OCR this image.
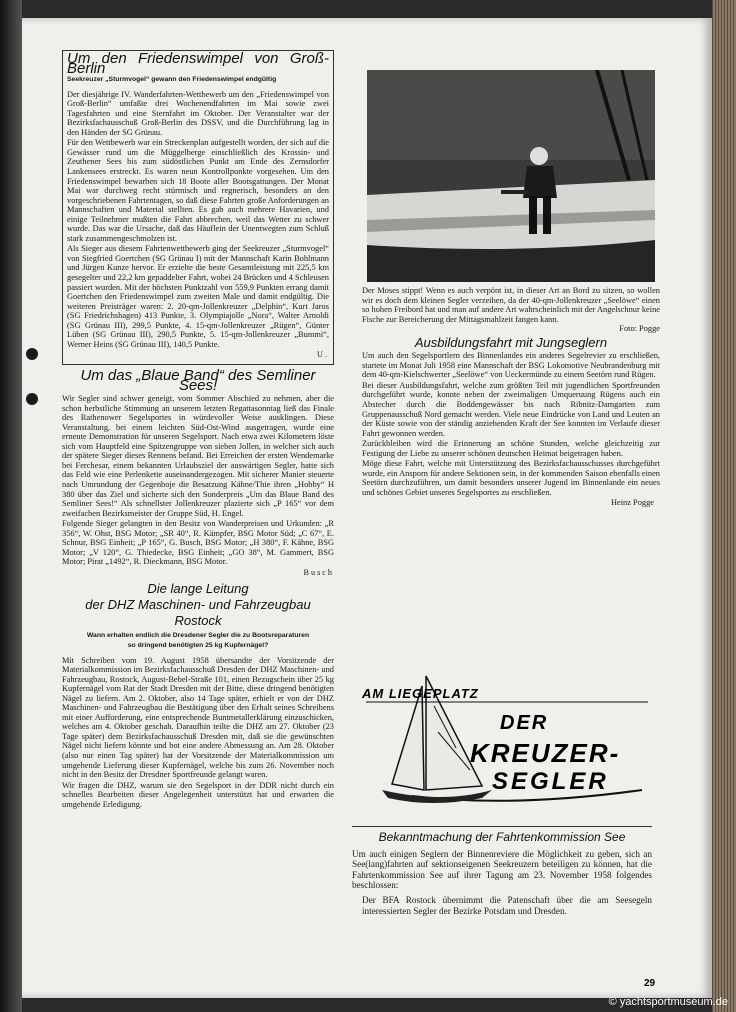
Um den Friedenswimpel von Groß-Berlin
Seekreuzer „Sturmvogel“ gewann den Friedenswimpel endgültig

Der diesjährige IV. Wanderfahrten-Wettbewerb um den „Friedenswimpel von Groß-Berlin“ umfaßte drei Wochenendfahrten im Mai sowie zwei Tagesfahrten und eine Sternfahrt im Oktober. Der Veranstalter war der Bezirksfachausschuß Groß-Berlin des DSSV, und die Durchführung lag in den Händen der SG Grünau.

Für den Wettbewerb war ein Streckenplan aufgestellt worden, der sich auf die Gewässer rund um die Müggelberge einschließlich des Krossin- und Zeuthener Sees bis zum südöstlichen Punkt am Ende des Zernsdorfer Lankensees erstreckt. Es waren neun Kontrollpunkte vorgesehen. Um den Friedenswimpel bewarben sich 18 Boote aller Bootsgattungen. Der Monat Mai war durchweg recht stürmisch und regnerisch, besonders an den vorgeschriebenen Fahrtentagen, so daß diese Fahrten große Anforderungen an Mannschaften und Material stellten. Es gab auch mehrere Havarien, und einige Teilnehmer mußten die Fahrt abbrechen, weil das Wetter zu schwer wurde. Das war die Ursache, daß das Häuflein der Unentwegten zum Schluß stark zusammengeschmolzen ist.

Als Sieger aus diesem Fahrtenwettbewerb ging der Seekreuzer „Sturmvogel“ von Siegfried Goertchen (SG Grünau I) mit der Mannschaft Karin Bohlmann und Jürgen Kunze hervor. Er erzielte die beste Gesamtleistung mit 225,5 km gesegelter und 22,2 km gepaddelter Fahrt, wobei 24 Brücken und 4 Schleusen passiert wurden. Mit der höchsten Punktzahl von 559,9 Punkten errang damit Goertchen den Friedenswimpel zum zweiten Male und damit endgültig. Die weiteren Preisträger waren: 2. 20-qm-Jollenkreuzer „Delphin“, Kurt Jaros (SG Friedrichshagen) 413 Punkte, 3. Olympiajolle „Nora“, Walter Arnoldi (SG Grünau III), 299,5 Punkte, 4. 15-qm-Jollenkreuzer „Rügen“, Günter Lüben (SG Grünau III), 290,5 Punkte, 5. 15-qm-Jollenkreuzer „Bummi“, Werner Heins (SG Grünau III), 140,5 Punkte.

U.
Um das „Blaue Band“ des Semliner Sees!

Wir Segler sind schwer geneigt, vom Sommer Abschied zu nehmen, aber die schon herbstliche Stimmung an unserem letzten Regattasonntag ließ das Finale des Rathenower Segelsportes in würdevoller Weise ausklingen. Diese Veranstaltung, bei einem leichten Süd-Ost-Wind ausgetragen, wurde eine erneute Demonstration für unseren Segelsport. Nach etwa zwei Kilometern löste sich vom Hauptfeld eine Spitzengruppe von sieben Jollen, in welcher sich auch der spätere Sieger dieses Rennens befand. Bei Erreichen der ersten Wendemarke bei Ferchesar, einem bekannten Urlaubsziel der auswärtigen Segler, hatte sich das Feld wie eine Perlenkette auseinandergezogen. Mit sicherer Manier steuerte nach Umrundung der Gegenboje die Besatzung Kähne/Thie ihren „Hobby“ H 380 über das Ziel und sicherte sich den Sonderpreis „Um das Blaue Band des Semliner Sees!“ Als schnellster Jollenkreuzer plazierte sich „P 165“ vor dem zweifachen Bezirksmeister der Gruppe Süd, H. Engel.

Folgende Sieger gelangten in den Besitz von Wanderpreisen und Urkunden: „R 356“, W. Ohst, BSG Motor; „SR 40“, R. Kämpfer, BSG Motor Süd; „C 67“, E. Schnur, BSG Einheit; „P 165“, G. Busch, BSG Motor; „H 380“, F. Kähne, BSG Motor; „V 120“, G. Thiedecke, BSG Einheit; „GO 38“, M. Gammert, BSG Motor; Pirat „1492“, R. Dieckmann, BSG Motor.

Busch
Die lange Leitung
der DHZ Maschinen- und Fahrzeugbau Rostock
Wann erhalten endlich die Dresdener Segler die zu Bootsreparaturen so dringend benötigten 25 kg Kupfernägel?

Mit Schreiben vom 19. August 1958 übersandte der Vorsitzende der Materialkommission im Bezirksfachausschuß Dresden der DHZ Maschinen- und Fahrzeugbau, Rostock, August-Bebel-Straße 101, einen Bezugschein über 25 kg Kupfernägel vom Rat der Stadt Dresden mit der Bitte, diese dringend benötigten Nägel zu liefern. Am 2. Oktober, also 14 Tage später, erhielt er von der DHZ Maschinen- und Fahrzeugbau die Bestätigung über den Erhalt seines Schreibens mit einer Aufforderung, eine entsprechende Buntmetallerklärung einzuschicken, welches am 4. Oktober geschah. Daraufhin teilte die DHZ am 27. Oktober (23 Tage später) dem Bezirksfachausschuß Dresden mit, daß sie die gewünschten Nägel nicht liefern könnte und bot eine andere Abmessung an. Am 28. Oktober (also nur einen Tag später) hat der Vorsitzende der Materialkommission um umgehende Lieferung dieser Kupfernägel, welche bis zum 26. November noch nicht in den Besitz der Dresdner Sportfreunde gelangt waren.

Wir fragen die DHZ, warum sie den Segelsport in der DDR nicht durch ein schnelles Bearbeiten dieser Angelegenheit unterstützt hat und erwarten die umgehende Erledigung.

Der Moses stippt! Wenn es auch verpönt ist, in dieser Art an Bord zu sitzen, so wollen wir es doch dem kleinen Segler verzeihen, da der 40-qm-Jollenkreuzer „Seelöwe“ einen so hohen Freibord hat und man auf andere Art wahrscheinlich mit der Angelschnur keine Fische zur Bereicherung der Mittagsmahlzeit fangen kann.

Foto: Pogge
Ausbildungsfahrt mit Jungseglern

Um auch den Segelsportlern des Binnenlandes ein anderes Segelrevier zu erschließen, startete im Monat Juli 1958 eine Mannschaft der BSG Lokomotive Neubrandenburg mit dem 40-qm-Kielschwerter „Seelöwe“ von Ueckermünde zu einem Seetörn rund Rügen.

Bei dieser Ausbildungsfahrt, welche zum größten Teil mit jugendlichen Sportfreunden durchgeführt wurde, konnte neben der zweimaligen Umqueruung Rügens auch ein Abstecher durch die Boddengewässer bis nach Ribnitz-Damgarten zum Gruppenausschuß Nord gemacht werden. Viele neue Eindrücke von Land und Leuten an der Küste sowie von der ständig anziehenden Kraft der See konnten im Verlaufe dieser Fahrt gewonnen werden.

Zurückbleiben wird die Erinnerung an schöne Stunden, welche gleichzeitig zur Festigung der Liebe zu unserer schönen deutschen Heimat beigetragen haben.

Möge diese Fahrt, welche mit Unterstützung des Bezirksfachausschusses durchgeführt wurde, ein Ansporn für andere Sektionen sein, in der kommenden Saison ebenfalls einen Seetörn durchzuführen, um damit besonders unserer Jugend im Binnenlande ein neues und schönes Gebiet unseres Segelsportes zu erschließen.

Heinz Pogge
AM LIEGEPLATZ
DER
KREUZER-
SEGLER
Bekanntmachung der Fahrtenkommission See

Um auch einigen Seglern der Binnenreviere die Möglichkeit zu geben, sich an See(lang)fahrten auf sektionseigenen Seekreuzern beteiligen zu können, hat die Fahrtenkommission See auf ihrer Tagung am 23. November 1958 folgendes beschlossen:

Der BFA Rostock übernimmt die Patenschaft über die am Seesegeln interessierten Segler der Bezirke Potsdam und Dresden.

29
© yachtsportmuseum.de
